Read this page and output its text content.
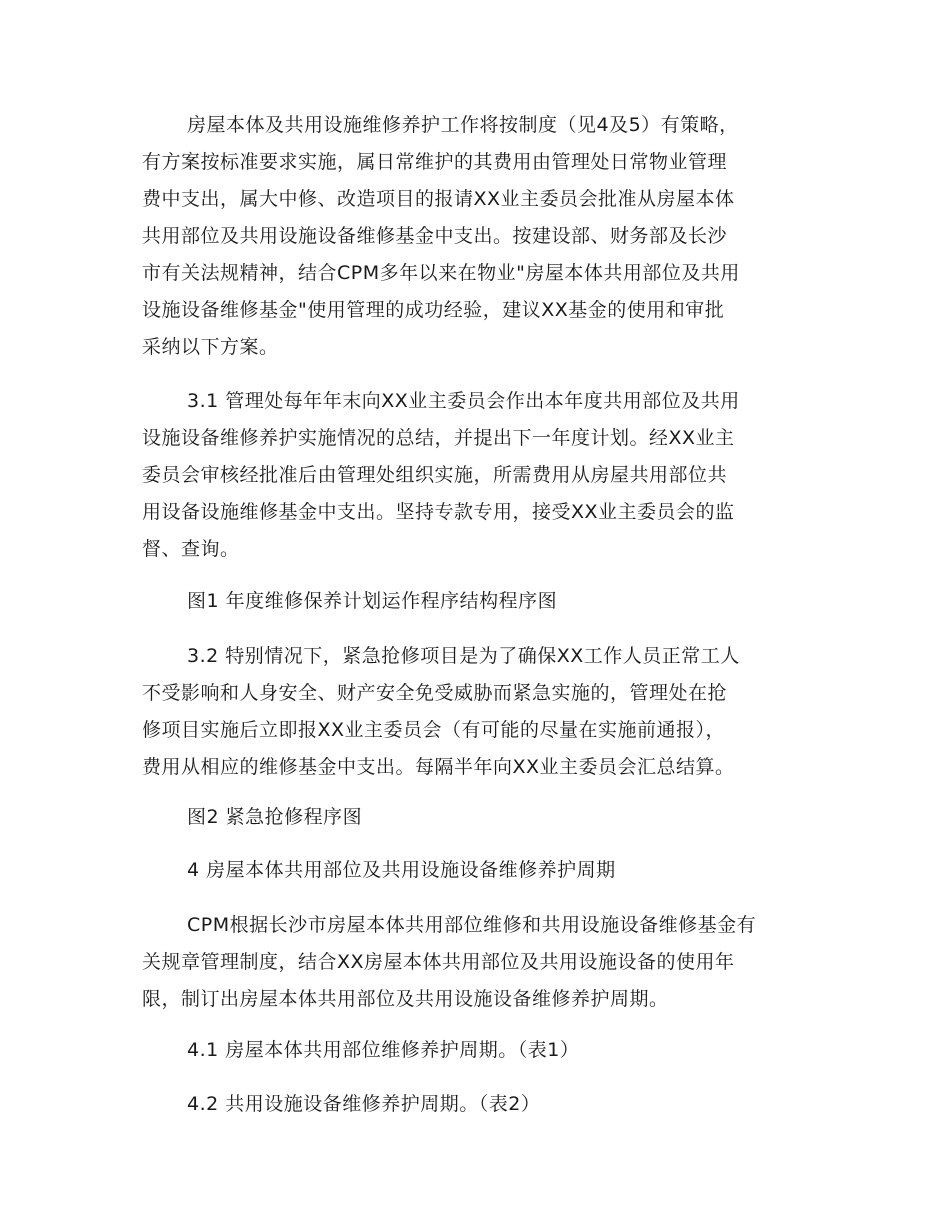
房屋本体及共用设施维修养护工作将按制度（见4及5）有策略，
有方案按标准要求实施，属日常维护的其费用由管理处日常物业管理
费中支出，属大中修、改造项目的报请XX业主委员会批准从房屋本体
共用部位及共用设施设备维修基金中支出。按建设部、财务部及长沙
市有关法规精神，结合CPM多年以来在物业"房屋本体共用部位及共用
设施设备维修基金"使用管理的成功经验，建议XX基金的使用和审批
采纳以下方案。

3.1 管理处每年年末向XX业主委员会作出本年度共用部位及共用
设施设备维修养护实施情况的总结，并提出下一年度计划。经XX业主
委员会审核经批准后由管理处组织实施，所需费用从房屋共用部位共
用设备设施维修基金中支出。坚持专款专用，接受XX业主委员会的监
督、查询。

图1 年度维修保养计划运作程序结构程序图

3.2 特别情况下，紧急抢修项目是为了确保XX工作人员正常工人
不受影响和人身安全、财产安全免受威胁而紧急实施的，管理处在抢
修项目实施后立即报XX业主委员会（有可能的尽量在实施前通报），
费用从相应的维修基金中支出。每隔半年向XX业主委员会汇总结算。

图2 紧急抢修程序图

4 房屋本体共用部位及共用设施设备维修养护周期

CPM根据长沙市房屋本体共用部位维修和共用设施设备维修基金有
关规章管理制度，结合XX房屋本体共用部位及共用设施设备的使用年
限，制订出房屋本体共用部位及共用设施设备维修养护周期。

4.1 房屋本体共用部位维修养护周期。（表1）

4.2 共用设施设备维修养护周期。（表2）
